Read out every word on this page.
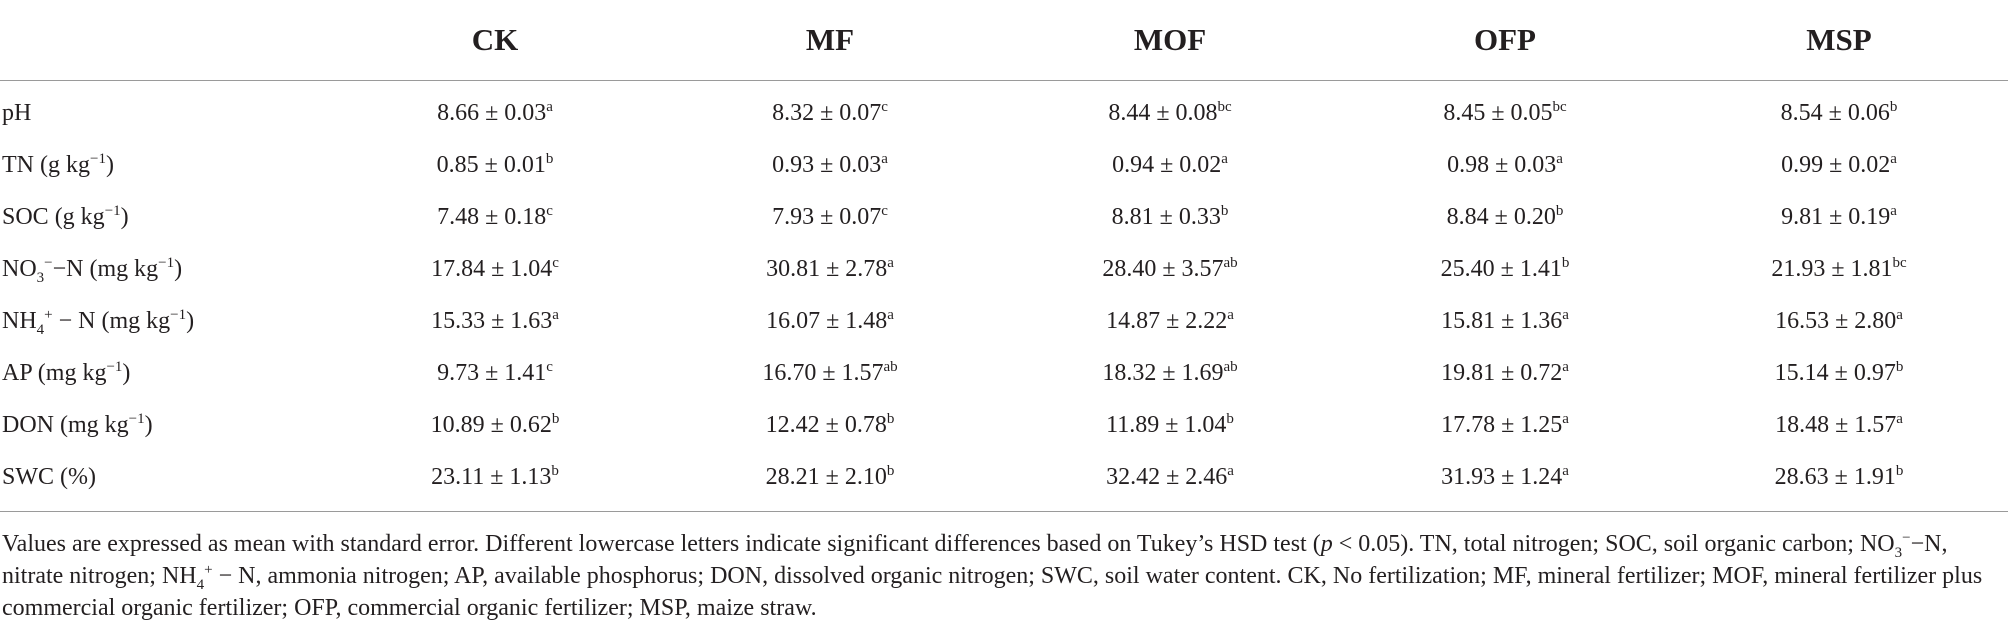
	CK	MF	MOF	OFP	MSP
pH	8.66 ± 0.03$^a$	8.32 ± 0.07$^c$	8.44 ± 0.08$^{bc}$	8.45 ± 0.05$^{bc}$	8.54 ± 0.06$^b$
TN (g $kg^{-1}$)	0.85 ± 0.01$^b$	0.93 ± 0.03$^a$	0.94 ± 0.02$^a$	0.98 ± 0.03$^a$	0.99 ± 0.02$^a$
SOC (g $kg^{-1}$)	7.48 ± 0.18$^c$	7.93 ± 0.07$^c$	8.81 ± 0.33$^b$	8.84 ± 0.20$^b$	9.81 ± 0.19$^a$
$NO_3^--N$ (mg $kg^{-1}$)	17.84 ± 1.04$^c$	30.81 ± 2.78$^a$	28.40 ± 3.57$^{ab}$	25.40 ± 1.41$^b$	21.93 ± 1.81$^{bc}$
$NH_4^+ - N$ (mg $kg^{-1}$)	15.33 ± 1.63$^a$	16.07 ± 1.48$^a$	14.87 ± 2.22$^a$	15.81 ± 1.36$^a$	16.53 ± 2.80$^a$
AP (mg $kg^{-1}$)	9.73 ± 1.41$^c$	16.70 ± 1.57$^{ab}$	18.32 ± 1.69$^{ab}$	19.81 ± 0.72$^a$	15.14 ± 0.97$^b$
DON (mg $kg^{-1}$)	10.89 ± 0.62$^b$	12.42 ± 0.78$^b$	11.89 ± 1.04$^b$	17.78 ± 1.25$^a$	18.48 ± 1.57$^a$
SWC (%)	23.11 ± 1.13$^b$	28.21 ± 2.10$^b$	32.42 ± 2.46$^a$	31.93 ± 1.24$^a$	28.63 ± 1.91$^b$
Values are expressed as mean with standard error. Different lowercase letters indicate significant differences based on Tukey’s HSD test (p < 0.05). TN, total nitrogen; SOC, soil organic carbon; $NO_3^--N$, nitrate nitrogen; $NH_4^+ - N$, ammonia nitrogen; AP, available phosphorus; DON, dissolved organic nitrogen; SWC, soil water content. CK, No fertilization; MF, mineral fertilizer; MOF, mineral fertilizer plus commercial organic fertilizer; OFP, commercial organic fertilizer; MSP, maize straw.
